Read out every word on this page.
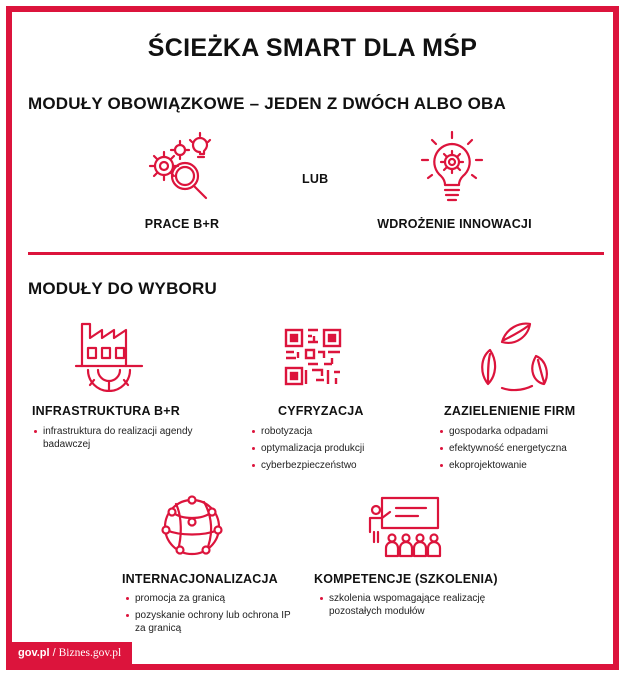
ŚCIEŻKA SMART DLA MŚP
MODUŁY OBOWIĄZKOWE – JEDEN Z DWÓCH ALBO OBA
PRACE B+R
LUB
WDROŻENIE INNOWACJI
MODUŁY DO WYBORU
INFRASTRUKTURA B+R
infrastruktura do realizacji agendy badawczej
CYFRYZACJA
robotyzacja
optymalizacja produkcji
cyberbezpieczeństwo
ZAZIELENIENIE FIRM
gospodarka odpadami
efektywność energetyczna
ekoprojektowanie
INTERNACJONALIZACJA
promocja za granicą
pozyskanie ochrony lub ochrona IP za granicą
KOMPETENCJE (SZKOLENIA)
szkolenia wspomagające realizację pozostałych modułów
gov.pl / Biznes.gov.pl
